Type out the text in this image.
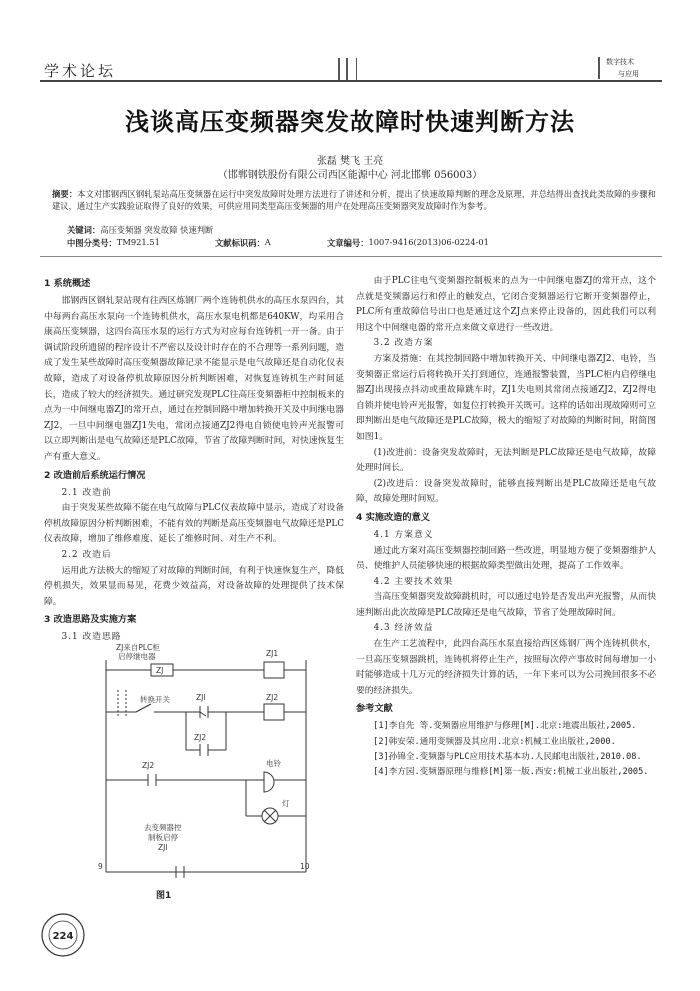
学术论坛	数字技术
与应用
浅谈高压变频器突发故障时快速判断方法
张磊 樊飞 王亮
（邯郸钢铁股份有限公司西区能源中心 河北邯郸 056003）
摘要：本文对邯钢西区钢轧泵站高压变频器在运行中突发故障时处理方法进行了讲述和分析，提出了快速故障判断的理念及原理，并总结得出查找此类故障的步骤和建议，通过生产实践验证取得了良好的效果，可供应用同类型高压变频器的用户在处理高压变频器突发故障时作为参考。
关键词：高压变频器 突发故障 快速判断
中图分类号： TM921.51	文献标识码： A	文章编号： 1007-9416(2013)06-0224-01
1 系统概述

邯钢西区钢轧泵站现有往西区炼钢厂两个连铸机供水的高压水泵四台，其中每两台高压水泵向一个连铸机供水，高压水泵电机都是640KW，均采用合康高压变频器，这四台高压水泵的运行方式为对应每台连铸机一开一备。由于调试阶段所遗留的程序设计不严密以及设计时存在的不合理等一系列问题，造成了发生某些故障时高压变频器故障记录不能显示是电气故障还是自动化仪表故障，造成了对设备停机故障原因分析判断困难，对恢复连铸机生产时间延长，造成了较大的经济损失。通过研究发现PLC往高压变频器柜中控制板来的点为一中间继电器ZJ的常开点，通过在控制回路中增加转换开关及中间继电器ZJ2，一旦中间继电器ZJ1失电，常闭点接通ZJ2得电自锁使电铃声光报警可以立即判断出是电气故障还是PLC故障，节省了故障判断时间，对快速恢复生产有重大意义。

2 改造前后系统运行情况
2.1 改造前

由于突发某些故障不能在电气故障与PLC仪表故障中显示，造成了对设备停机故障原因分析判断困难，不能有效的判断是高压变频器电气故障还是PLC仪表故障，增加了维修难度、延长了维修时间、对生产不利。

2.2 改造后

运用此方法极大的缩短了对故障的判断时间，有利于快速恢复生产，降低停机损失，效果显而易见，花费少效益高，对设备故障的处理提供了技术保障。

3 改造思路及实施方案
3.1 改造思路
ZJ来自PLC柜
启停继电器
ZJ
ZJ1
转换开关	ZJl	ZJ2
ZJ2
ZJ2	电铃
灯
去变频器控
制板启停
ZJl
9	10
图1

由于PLC往电气变频器控制板来的点为一中间继电器ZJ的常开点，这个点就是变频器运行和停止的触发点，它闭合变频器运行它断开变频器停止，PLC所有重故障信号出口也是通过这个ZJ点来停止设备的，因此我们可以利用这个中间继电器的常开点来做文章进行一些改进。

3.2 改造方案

方案及措施：在其控制回路中增加转换开关、中间继电器ZJ2、电铃，当变频器正常运行后将转换开关打到通位，连通报警装置，当PLC柜内启停继电器ZJ出现接点抖动或重故障跳车时，ZJ1失电则其常闭点接通ZJ2，ZJ2得电自锁并使电铃声光报警，如复位打转换开关既可。这样的话如出现故障则可立即判断出是电气故障还是PLC故障，极大的缩短了对故障的判断时间，附简图如图1。

(1)改进前：设备突发故障时，无法判断是PLC故障还是电气故障，故障处理时间长。

(2)改进后：设备突发故障时，能够直接判断出是PLC故障还是电气故障，故障处理时间短。

4 实施改造的意义
4.1 方案意义

通过此方案对高压变频器控制回路一些改进，明显地方便了变频器维护人员、使维护人员能够快速的根据故障类型做出处理，提高了工作效率。

4.2 主要技术效果

当高压变频器突发故障跳机时，可以通过电铃是否发出声光报警，从而快速判断出此次故障是PLC故障还是电气故障，节省了处理故障时间。

4.3 经济效益

在生产工艺流程中，此四台高压水泵直接给西区炼钢厂两个连铸机供水，一旦高压变频器跳机，连铸机将停止生产，按照每次停产事故时间每增加一小时能够造成十几万元的经济损失计算的话，一年下来可以为公司挽回很多不必要的经济损失。

参考文献

[1]李自先 等.变频器应用维护与修理[M].北京:地震出版社,2005.

[2]韩安荣.通用变频器及其应用.北京:机械工业出版社,2000.

[3]孙锦全.变频器与PLC应用技术基本功.人民邮电出版社,2010.08.

[4]李方园.变频器原理与维修[M]第一版.西安:机械工业出版社,2005.

224
